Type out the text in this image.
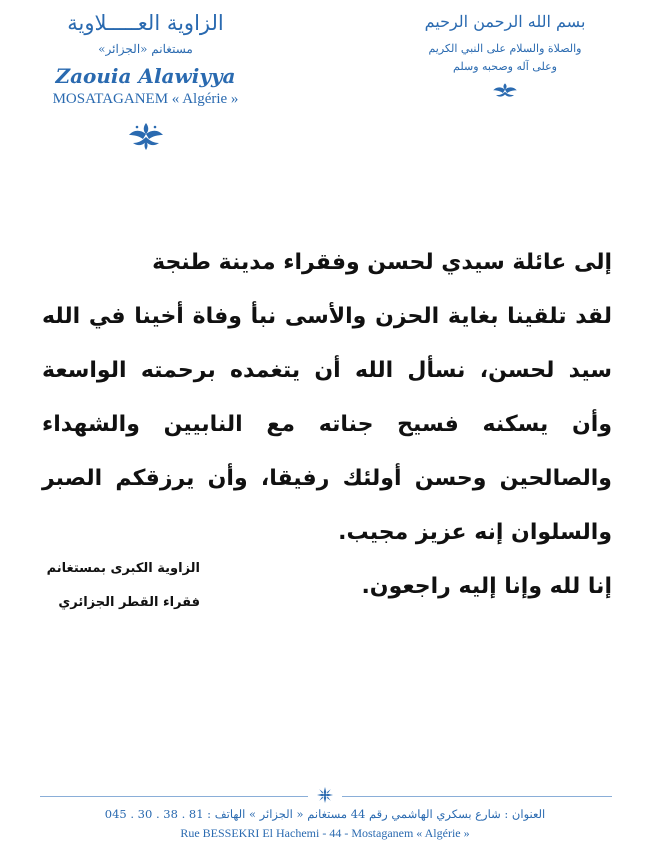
الزاوية العـــــلاوية
مستغانم «الجزائر»
Zaouia Alawiyya
MOSATAGANEM « Algérie »
بسم الله الرحمن الرحيم
والصلاة والسلام على النبي الكريم
وعلى آله وصحبه وسلم

إلى عائلة سيدي لحسن وفقراء مدينة طنجة

لقد تلقينا بغاية الحزن والأسى نبأ وفاة أخينا في الله سيد لحسن، نسأل الله أن يتغمده برحمته الواسعة وأن يسكنه فسيح جناته مع النابيين والشهداء والصالحين وحسن أولئك رفيقا، وأن يرزقكم الصبر والسلوان إنه عزيز مجيب.

إنا لله وإنا إليه راجعون.

الزاوية الكبرى بمستغانم

فقراء القطر الجزائري

العنوان : شارع بسكري الهاشمي رقم 44 مستغانم « الجزائر » الهاتف : 81 . 38 . 30 . 045
Rue BESSEKRI El Hachemi - 44 - Mostaganem « Algérie »
